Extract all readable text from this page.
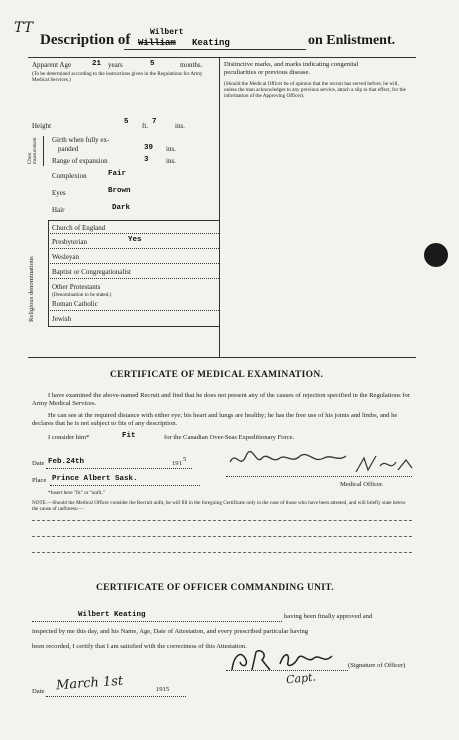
TT
Description of Wilbert
William Keating	on Enlistment.
Apparent Age	21 years	5	months.
(To be determined according to the instructions given in the Regulations for Army Medical Services.)
Height	5 ft. 7	ins.
Chest measurement Girth when fully ex-
panded	39 ins.
Range of expansion	3 ins.
Complexion	Fair
Eyes	Brown
Hair	Dark
Religious denominations
Church of England
Presbyterian	Yes
Wesleyan
Baptist or Congregationalist
Other Protestants
(Denomination to be stated.)
Roman Catholic
Jewish
Distinctive marks, and marks indicating congenital
peculiarities or previous disease.
(Should the Medical Officer be of opinion that the recruit has served before, he will, unless the man acknowledges to any previous service, attach a slip to that effect, for the information of the Approving Officer).
CERTIFICATE OF MEDICAL EXAMINATION.
I have examined the above-named Recruit and find that he does not present any of the causes of rejection specified in the Regulations for Army Medical Services.
He can see at the required distance with either eye; his heart and lungs are healthy; he has the free use of his joints and limbs, and he declares that he is not subject to fits of any description.
I consider him*	Fit	for the Canadian Over-Seas Expeditionary Force.
Date Feb.24th	191
5
Place Prince Albert Sask.
Medical Officer.
*Insert here "fit" or "unfit."
NOTE.—Should the Medical Officer consider the Recruit unfit, he will fill in the foregoing Certificate only in the case of those who have been attested, and will briefly state below the cause of unfitness:—
CERTIFICATE OF OFFICER COMMANDING UNIT.
Wilbert Keating	having been finally approved and
inspected by me this day, and his Name, Age, Date of Attestation, and every prescribed particular having
been recorded, I certify that I am satisfied with the correctness of this Attestation.
Capt.
(Signature of Officer)
Date March 1st	1915
